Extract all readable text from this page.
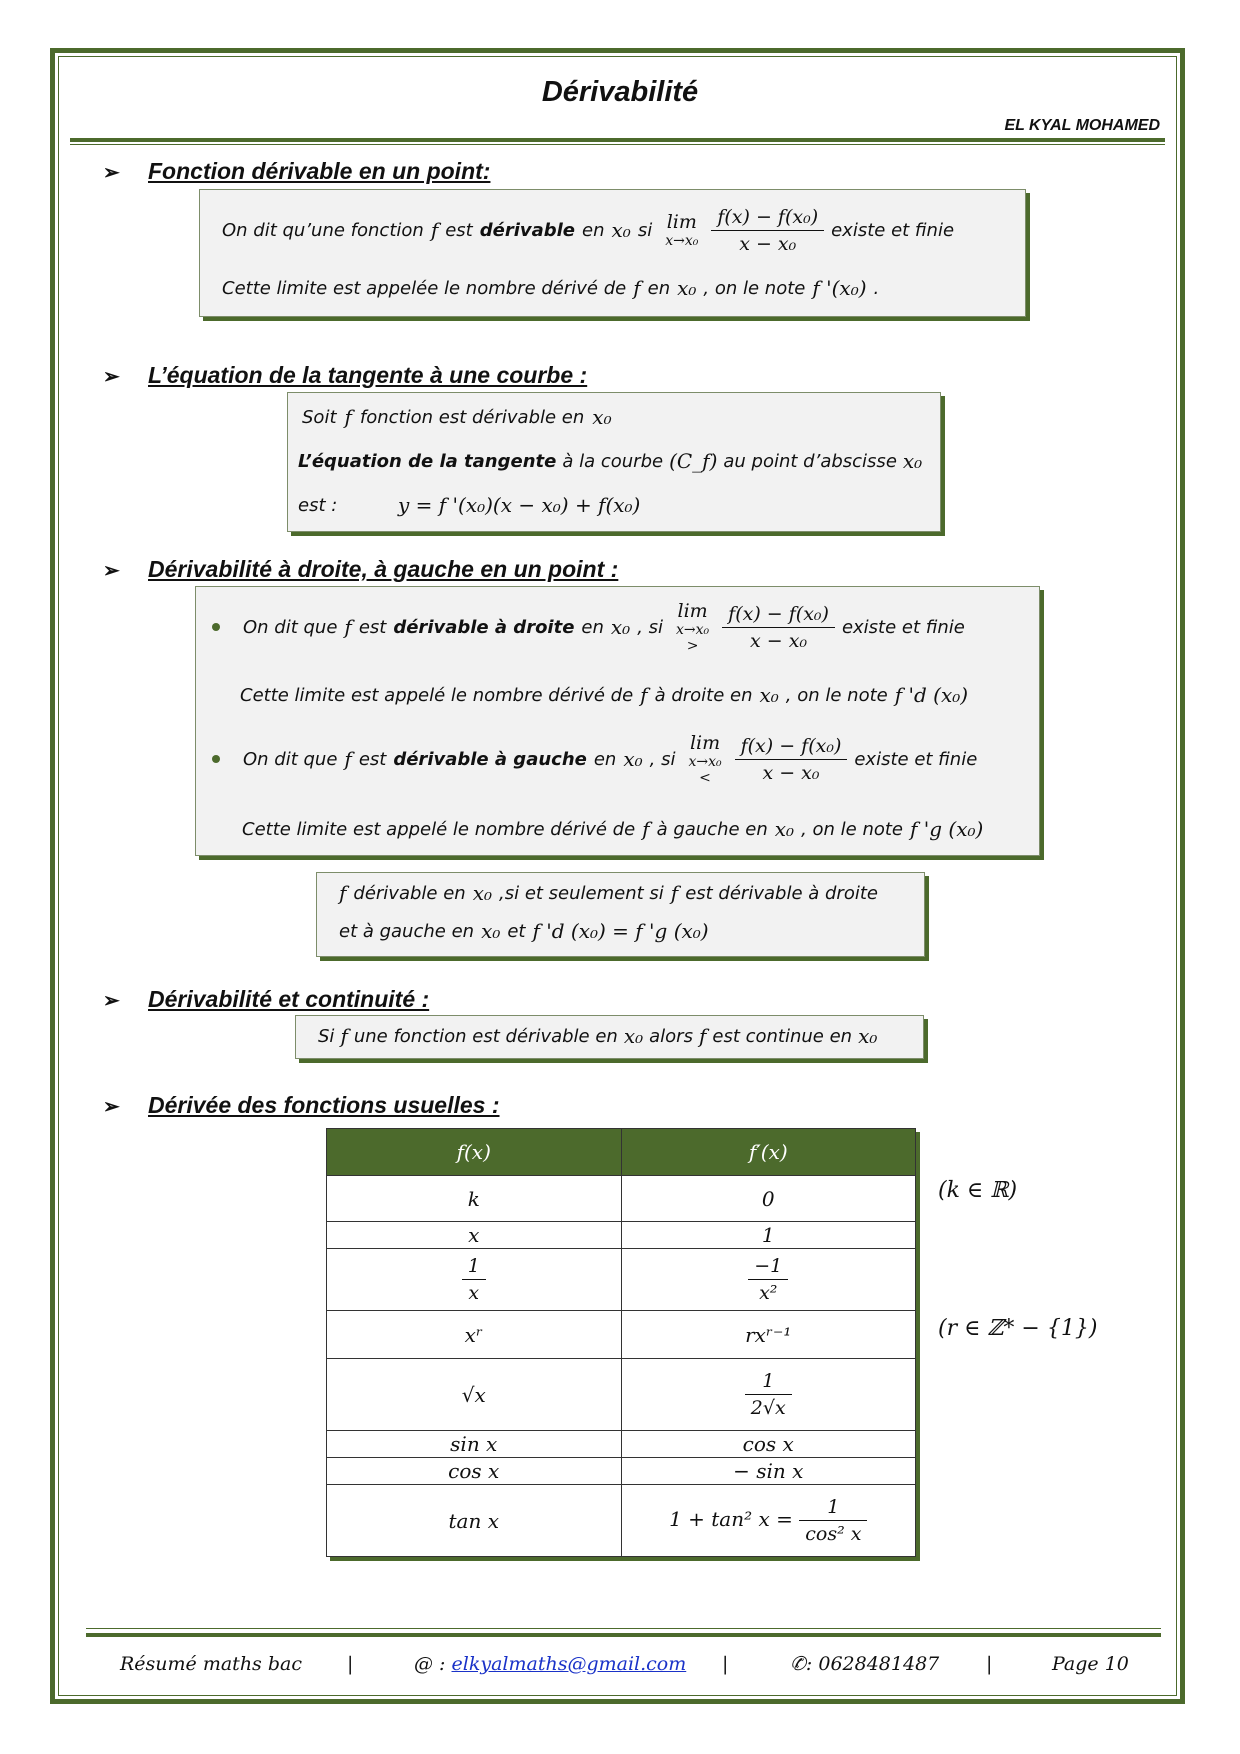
Dérivabilité
EL KYAL MOHAMED
➢ Fonction dérivable en un point:
On dit qu’une fonction f est dérivable en x₀ si lim
$x\to x_0 \frac{\text{f(x) − f(x₀)}}{\text{x − x₀}}$ existe et finie
Cette limite est appelée le nombre dérivé de f en x₀ , on le note f '(x₀) .
➢ L’équation de la tangente à une courbe :
Soit f fonction est dérivable en x₀
L’équation de la tangente à la courbe (C_f) au point d’abscisse x₀
est :	y = f '(x₀)(x − x₀) + f(x₀)
➢ Dérivabilité à droite, à gauche en un point :
On dit que f est dérivable à droite en x₀ , si
lim
x→x₀
>	$\frac{\text{f(x) − f(x₀)}}{\text{x − x₀}}$ existe et finie
Cette limite est appelé le nombre dérivé de f à droite en x₀ , on le note f 'd (x₀)
On dit que f est dérivable à gauche en x₀ , si
lim
x→x₀
<	$\frac{\text{f(x) − f(x₀)}}{\text{x − x₀}}$ existe et finie
Cette limite est appelé le nombre dérivé de f à gauche en x₀ , on le note f 'g (x₀)
f dérivable en x₀ ,si et seulement si f est dérivable à droite
et à gauche en x₀ et f 'd (x₀) = f 'g (x₀)
➢ Dérivabilité et continuité :
Si f une fonction est dérivable en x₀ alors f est continue en x₀
➢ Dérivée des fonctions usuelles :
f(x)	f′(x)
k	0
x	1

$\frac{1}{x}$	$\frac{-1}{\text{x²}}$

xʳ	rxʳ⁻¹
√x	$\frac{1}{2√x}$

sin x	cos x
cos x	− sin x
tan x	1 + tan² $x = \frac{1}{\text{cos² x}}$
(k ∈ ℝ)
(r ∈ ℤ* − {1})
Résumé maths bac |	@ : elkyalmaths@gmail.com |	✆: 0628481487 |	Page 10
